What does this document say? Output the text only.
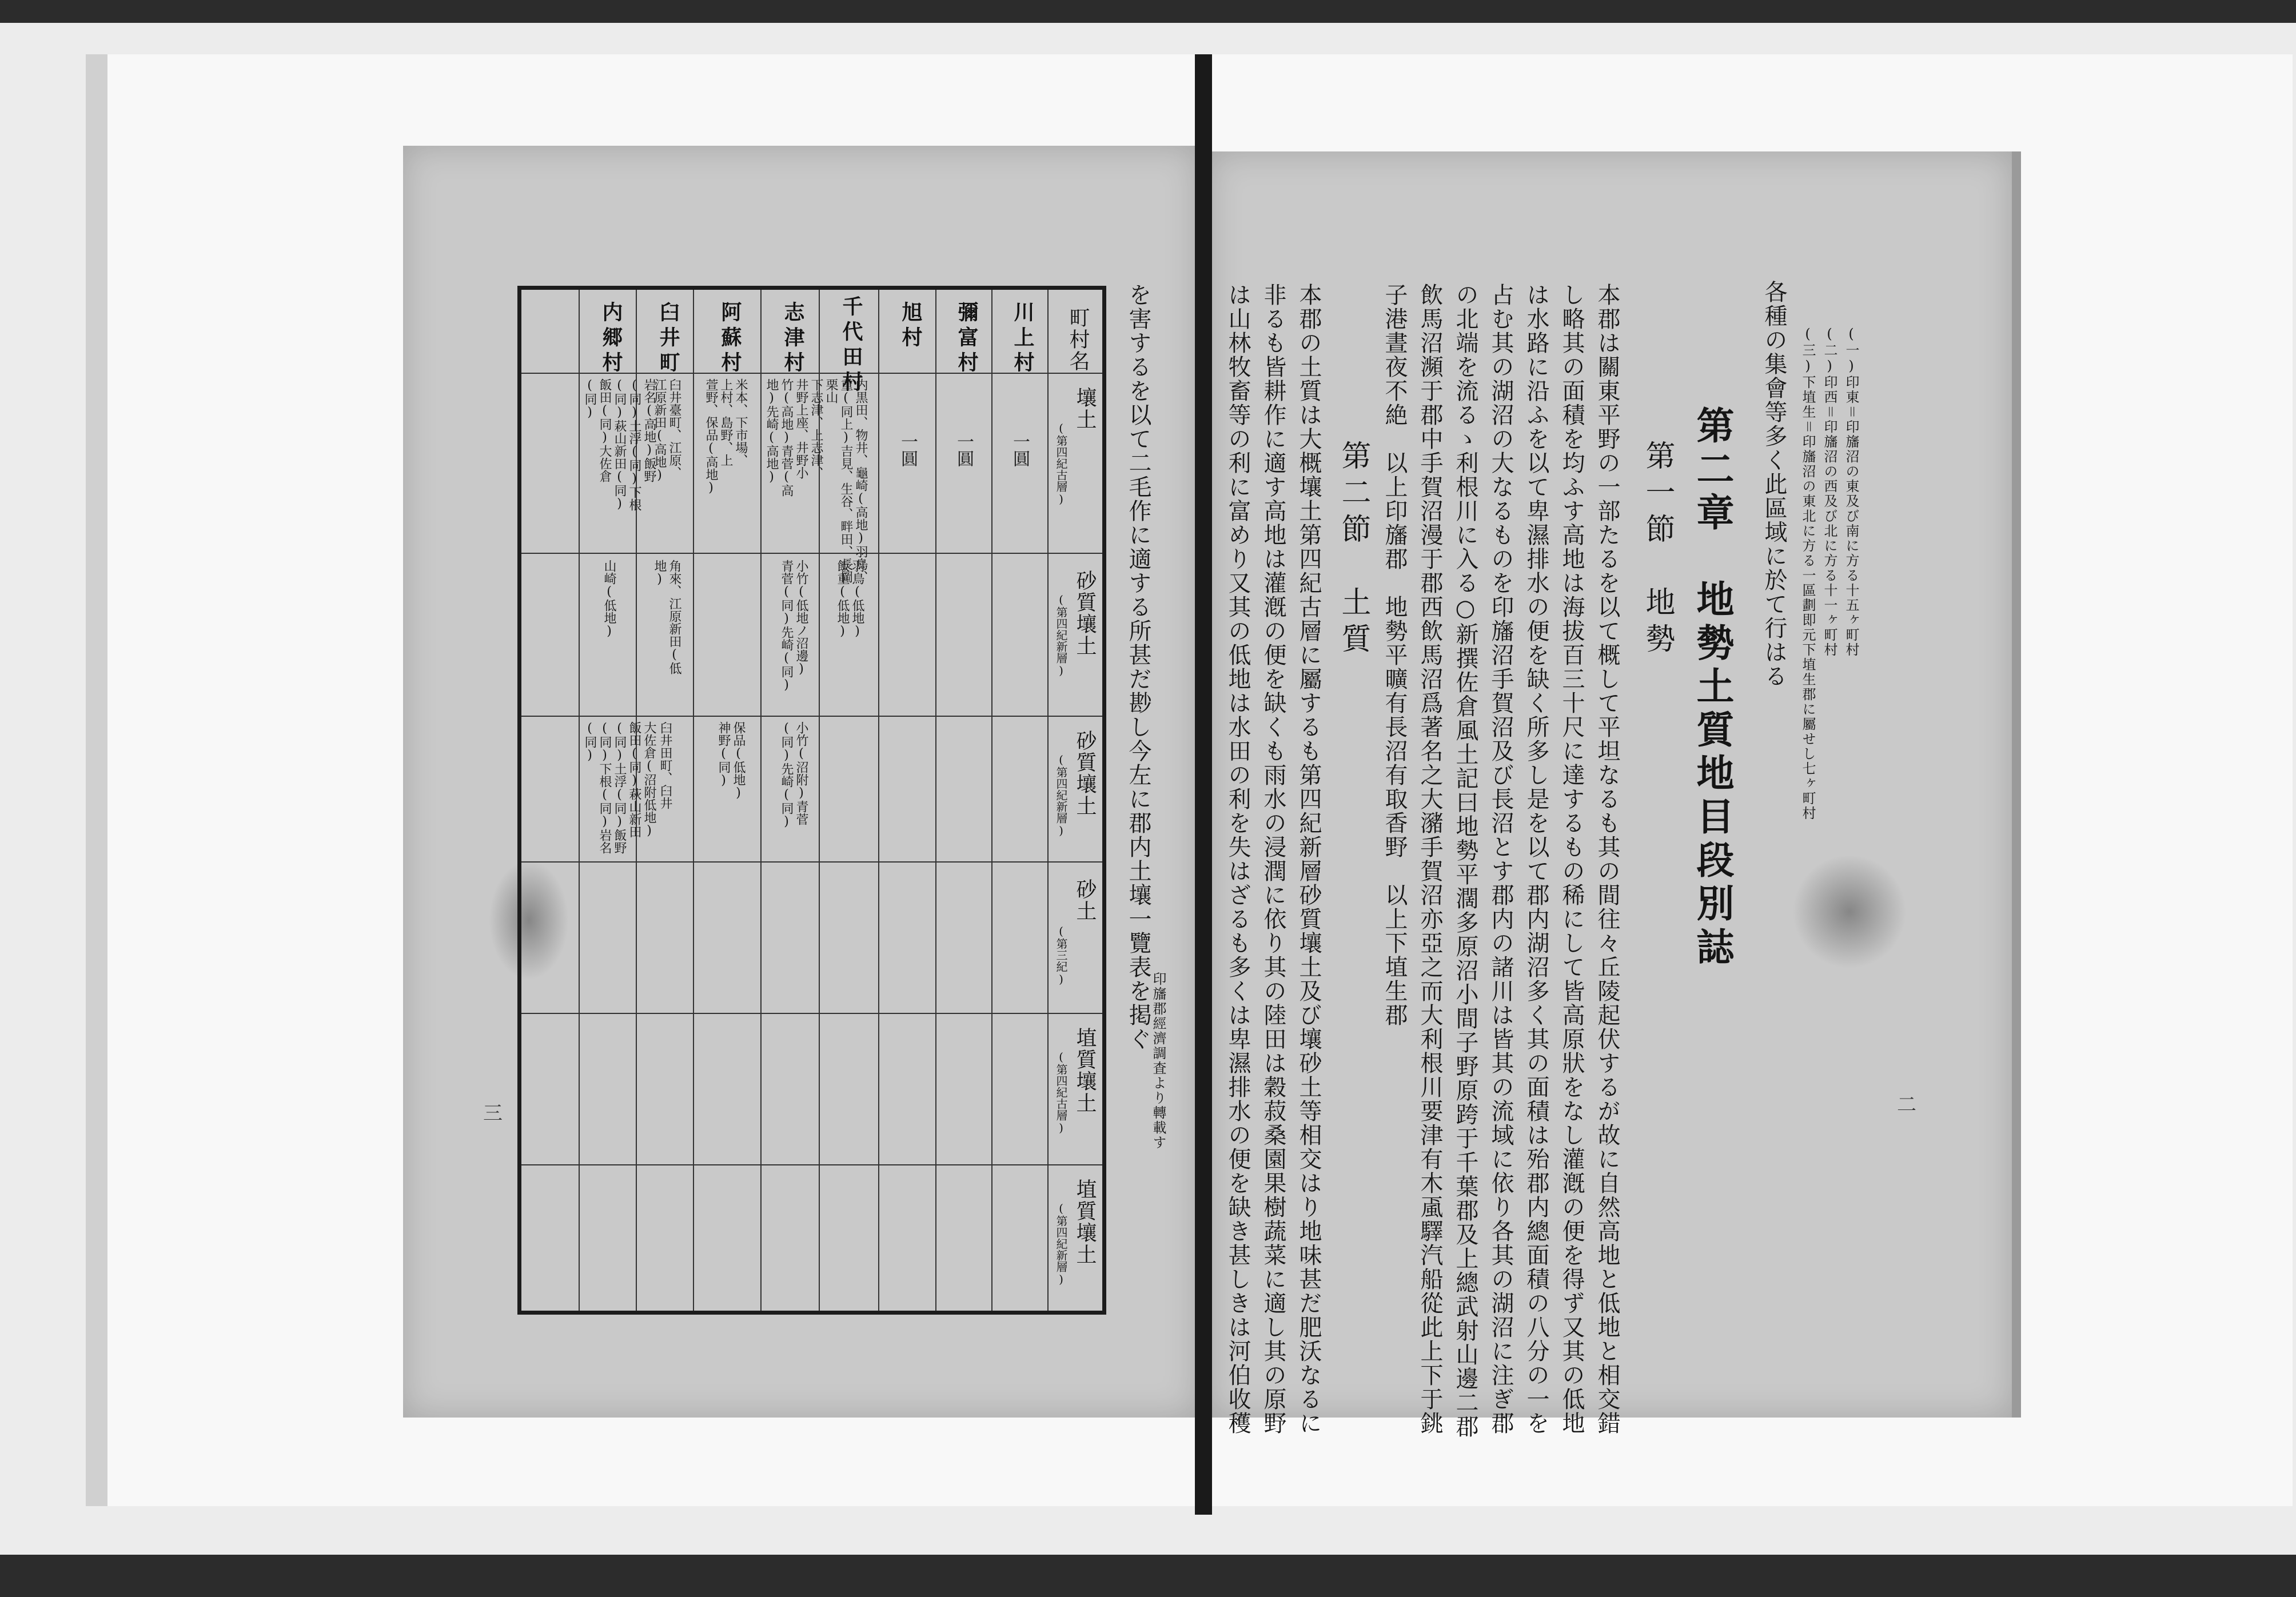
(一)印東＝印旛沼の東及び南に方る十五ヶ町村
(二)印西＝印旛沼の西及び北に方る十一ヶ町村
(三)下埴生＝印旛沼の東北に方る一區劃即元下埴生郡に屬せし七ヶ町村
各種の集會等多く此區域に於て行はる
第二章　地勢土質地目段別誌
第一節　地勢
本郡は關東平野の一部たるを以て概して平坦なるも其の間往々丘陵起伏するが故に自然高地と低地と相交錯
し略其の面積を均ふす高地は海拔百三十尺に達するもの稀にして皆高原狀をなし灌漑の便を得ず又其の低地
は水路に沿ふを以て卑濕排水の便を缺く所多し是を以て郡内湖沼多く其の面積は殆郡内總面積の八分の一を
占む其の湖沼の大なるものを印旛沼手賀沼及び長沼とす郡内の諸川は皆其の流域に依り各其の湖沼に注ぎ郡
の北端を流るゝ利根川に入る○新撰佐倉風土記曰地勢平濶多原沼小間子野原跨于千葉郡及上總武射山邊二郡
飲馬沼瀕于郡中手賀沼漫于郡西飲馬沼爲著名之大瀦手賀沼亦亞之而大利根川要津有木颪驛汽船從此上下于銚
子港晝夜不絶　以上印旛郡　地勢平曠有長沼有取香野　以上下埴生郡
第二節　土質
本郡の土質は大概壤土第四紀古層に屬するも第四紀新層砂質壤土及び壤砂土等相交はり地味甚だ肥沃なるに
非るも皆耕作に適す高地は灌漑の便を缺くも雨水の浸潤に依り其の陸田は穀菽桑園果樹蔬菜に適し其の原野
は山林牧畜等の利に富めり又其の低地は水田の利を失はざるも多くは卑濕排水の便を缺き甚しきは河伯收穫	二
を害するを以て二毛作に適する所甚だ尠し今左に郡内土壤一覽表を掲ぐ
印旛郡經濟調査より轉載す
三
町村名
壤土
(第四紀古層)
砂質壤土
(第四紀新層)
砂質壤土
(第四紀新層)
砂土
(第三紀)
埴質壤土
(第四紀古層)
埴質壤土
(第四紀新層)
川上村
一圓
彌富村
一圓
旭村
一圓
千代田村
内黒田、物井、龜崎(高地)羽鳥、
重(同上)吉見、生谷、畔田、長岡
栗山
羽鳥(低地)
飯重(低地)
志津村
下志津、上志津、
井野上座、井野小
竹(高地)青菅(高
地)先崎(高地)
小竹(低地ノ沼邊)
青菅(同)先崎(同)
小竹(沼附)青菅
(同)先崎(同)
阿蘇村
米本、下市場、
上村、島野、上
萱野、保品(高地)
保品(低地)
神野(同)
臼井町
臼井臺町、江原、
江原新田(高地)
角來、江原新田(低
地)
臼井田町、臼井
内郷村
岩名(高地)飯野
(同)土浮(同)下根
(同)萩山新田(同)
飯田(同)大佐倉
(同)
山崎(低地)
大佐倉(沼附低地)
飯田(同)萩山新田
(同)土浮(同)飯野
(同)下根(同)岩名
(同)
